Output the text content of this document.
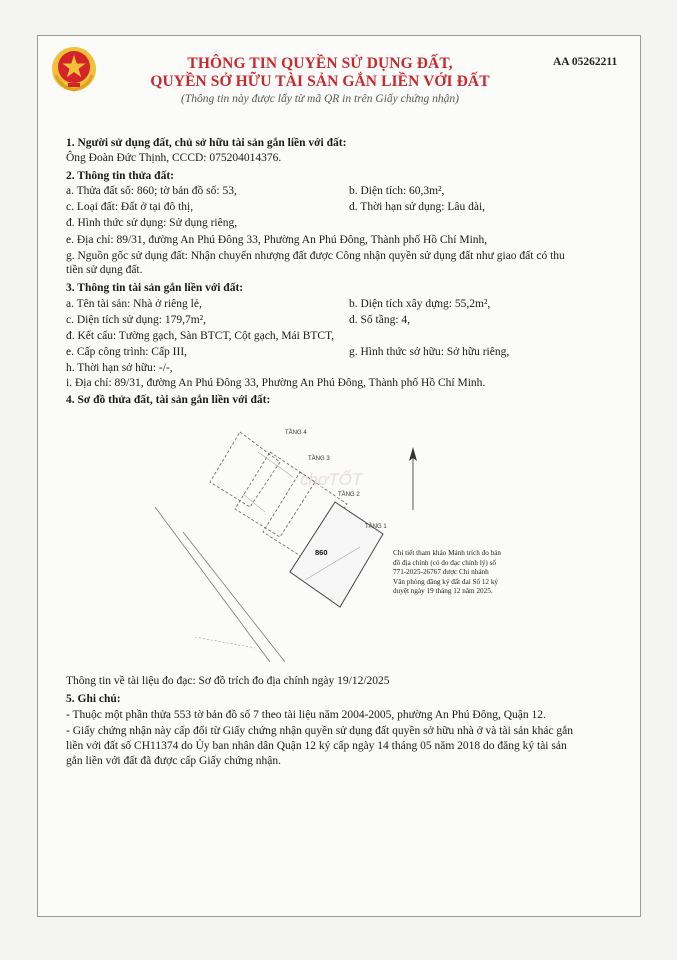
THÔNG TIN QUYỀN SỬ DỤNG ĐẤT,
QUYỀN SỞ HỮU TÀI SẢN GẮN LIỀN VỚI ĐẤT
(Thông tin này được lấy từ mã QR in trên Giấy chứng nhận)
AA 05262211
1. Người sử dụng đất, chủ sở hữu tài sản gắn liền với đất:
Ông Đoàn Đức Thịnh, CCCD: 075204014376.
2. Thông tin thửa đất:
a. Thửa đất số: 860; tờ bản đồ số: 53,	b. Diện tích: 60,3m²,
c. Loại đất: Đất ở tại đô thị,	d. Thời hạn sử dụng: Lâu dài,
đ. Hình thức sử dụng: Sử dụng riêng,
e. Địa chỉ: 89/31, đường An Phú Đông 33, Phường An Phú Đông, Thành phố Hồ Chí Minh,
g. Nguồn gốc sử dụng đất: Nhận chuyển nhượng đất được Công nhận quyền sử dụng đất như giao đất có thu
tiền sử dụng đất.
3. Thông tin tài sản gắn liền với đất:
a. Tên tài sản: Nhà ở riêng lẻ,	b. Diện tích xây dựng: 55,2m²,
c. Diện tích sử dụng: 179,7m²,	d. Số tầng: 4,
đ. Kết cấu: Tường gạch, Sàn BTCT, Cột gạch, Mái BTCT,
e. Cấp công trình: Cấp III,	g. Hình thức sở hữu: Sở hữu riêng,
h. Thời hạn sở hữu: -/-,
i. Địa chỉ: 89/31, đường An Phú Đông 33, Phường An Phú Đông, Thành phố Hồ Chí Minh.
4. Sơ đồ thửa đất, tài sản gắn liền với đất:
TẦNG 4
TẦNG 3
TẦNG 2
TẦNG 1
860
chợTỐT
Chi tiết tham khảo Mảnh trích đo bản
đồ địa chính (có đo đạc chỉnh lý) số
771-2025-26767 được Chi nhánh
Văn phòng đăng ký đất đai Số 12 ký
duyệt ngày 19 tháng 12 năm 2025.
Thông tin về tài liệu đo đạc: Sơ đồ trích đo địa chính ngày 19/12/2025
5. Ghi chú:
- Thuộc một phần thửa 553 tờ bản đồ số 7 theo tài liệu năm 2004-2005, phường An Phú Đông, Quận 12.
- Giấy chứng nhận này cấp đổi từ Giấy chứng nhận quyền sử dụng đất quyền sở hữu nhà ở và tài sản khác gắn
liền với đất số CH11374 do Ủy ban nhân dân Quận 12 ký cấp ngày 14 tháng 05 năm 2018 do đăng ký tài sản
gắn liền với đất đã được cấp Giấy chứng nhận.
